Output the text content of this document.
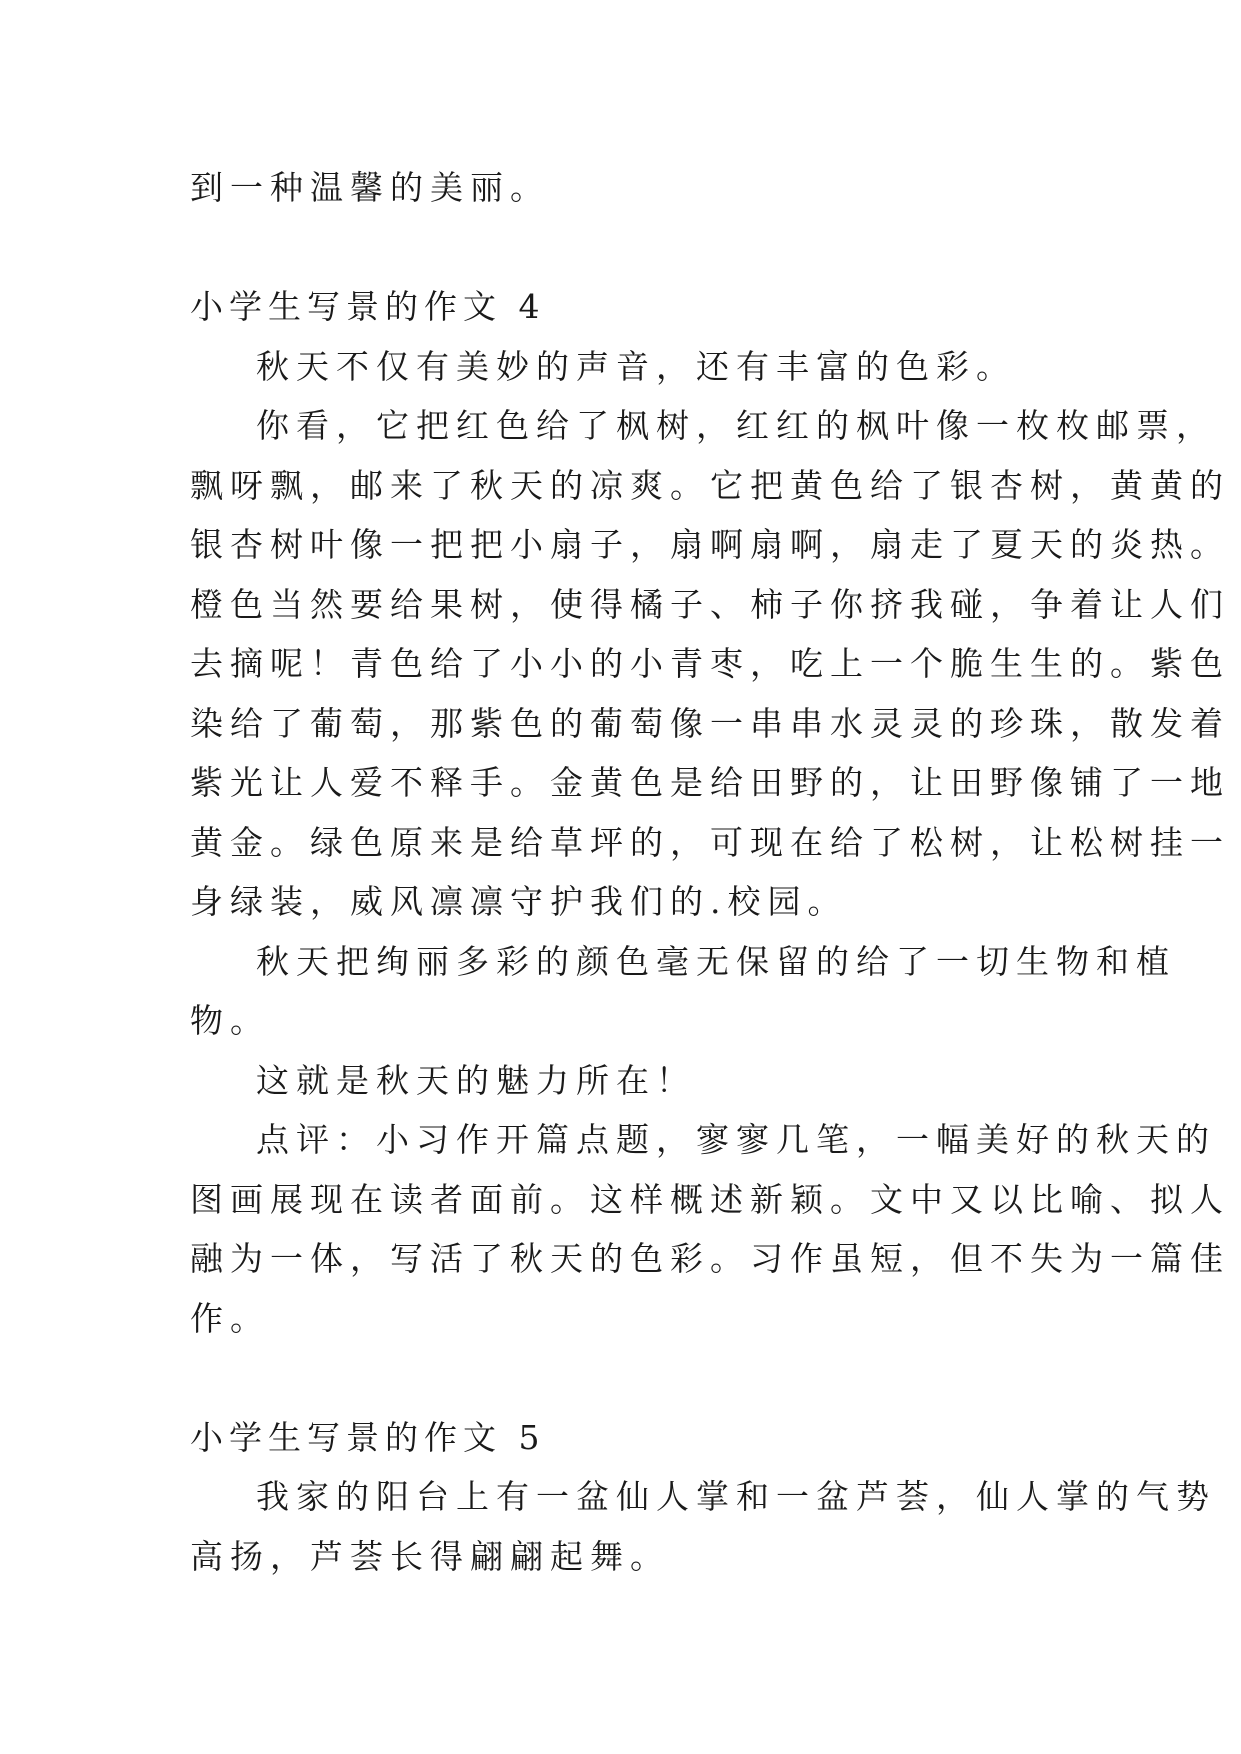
到一种温馨的美丽。
小学生写景的作文 4
秋天不仅有美妙的声音，还有丰富的色彩。
你看，它把红色给了枫树，红红的枫叶像一枚枚邮票，
飘呀飘，邮来了秋天的凉爽。它把黄色给了银杏树，黄黄的
银杏树叶像一把把小扇子，扇啊扇啊，扇走了夏天的炎热。
橙色当然要给果树，使得橘子、柿子你挤我碰，争着让人们
去摘呢！青色给了小小的小青枣，吃上一个脆生生的。紫色
染给了葡萄，那紫色的葡萄像一串串水灵灵的珍珠，散发着
紫光让人爱不释手。金黄色是给田野的，让田野像铺了一地
黄金。绿色原来是给草坪的，可现在给了松树，让松树挂一
身绿装，威风凛凛守护我们的.校园。
秋天把绚丽多彩的颜色毫无保留的给了一切生物和植
物。
这就是秋天的魅力所在！
点评：小习作开篇点题，寥寥几笔，一幅美好的秋天的
图画展现在读者面前。这样概述新颖。文中又以比喻、拟人
融为一体，写活了秋天的色彩。习作虽短，但不失为一篇佳
作。
小学生写景的作文 5
我家的阳台上有一盆仙人掌和一盆芦荟，仙人掌的气势
高扬，芦荟长得翩翩起舞。
